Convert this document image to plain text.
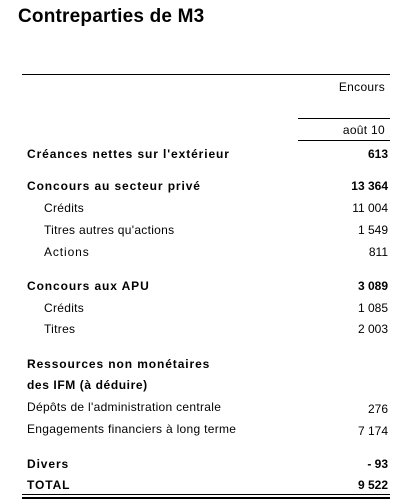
Contreparties de M3
Encours
août 10
Créances nettes sur l'extérieur	613
Concours au secteur privé	13 364
Crédits	11 004
Titres autres qu'actions	1 549
Actions	811
Concours aux APU	3 089
Crédits	1 085
Titres	2 003
Ressources non monétaires
des IFM (à déduire)
Dépôts de l'administration centrale	276
Engagements financiers à long terme	7 174
Divers	- 93
TOTAL	9 522
